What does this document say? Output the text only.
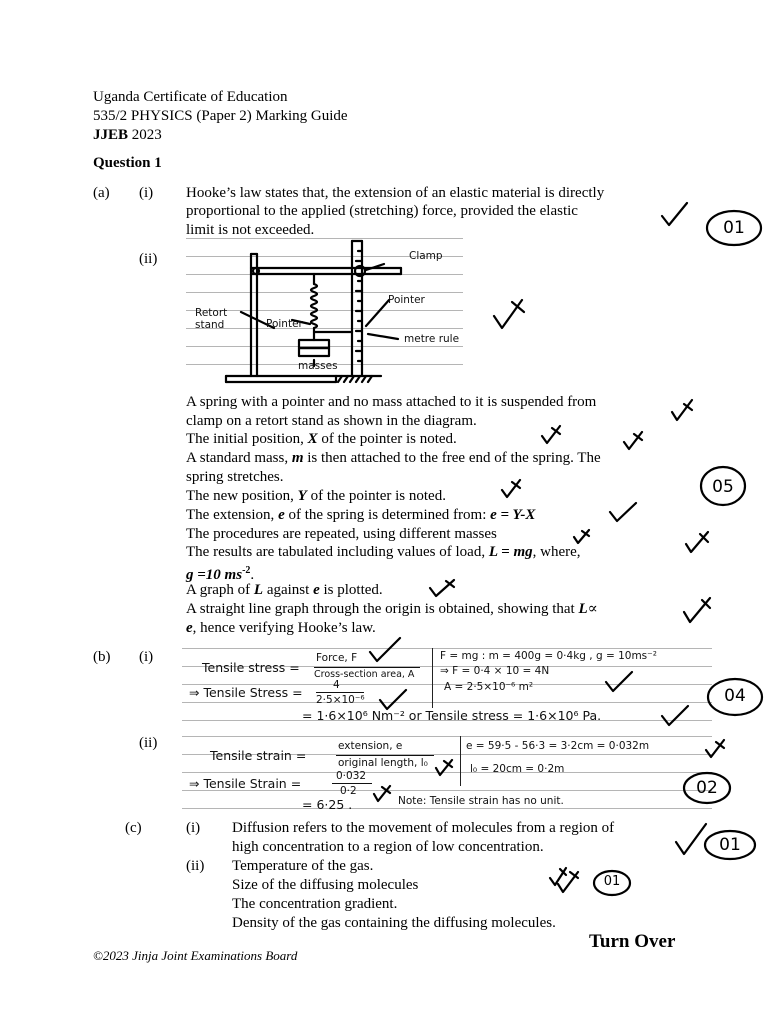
Uganda Certificate of Education
535/2 PHYSICS (Paper 2) Marking Guide
JJEB 2023
Question 1
(a) (i) Hooke’s law states that, the extension of an elastic material is directly
proportional to the applied (stretching) force, provided the elastic
limit is not exceeded.	01
(ii)	Clamp
Pointer
Retort
stand	Pointer
metre rule
masses
A spring with a pointer and no mass attached to it is suspended from
clamp on a retort stand as shown in the diagram.
The initial position, X of the pointer is noted.
A standard mass, m is then attached to the free end of the spring. The
spring stretches.
The new position, Y of the pointer is noted.
The extension, e of the spring is determined from: e = Y-X
The procedures are repeated, using different masses
The results are tabulated including values of load, L = mg, where,
g =10 $ms^{-2}$.
A graph of L against e is plotted.
A straight line graph through the origin is obtained, showing that L∝
e, hence verifying Hooke’s law.
05
(b) (i)
Tensile stress =
Force, F
Cross-section area, A
⇒ Tensile Stress =	4
2·5×10⁻⁶
F = mg : m = 400g = 0·4kg , g = 10ms⁻²
⇒ F = 0·4 × 10 = 4N
A = 2·5×10⁻⁶ m²
= 1·6×10⁶ Nm⁻² or Tensile stress = 1·6×10⁶ Pa.
04
(ii)
Tensile strain =
extension, e
original length, l₀
⇒ Tensile Strain =	0·032
0·2
e = 59·5 - 56·3 = 3·2cm = 0·032m
l₀ = 20cm = 0·2m
= 6·25 .	Note: Tensile strain has no unit.
02
(c)	(i) Diffusion refers to the movement of molecules from a region of
high concentration to a region of low concentration.
(ii) Temperature of the gas.
Size of the diffusing molecules
The concentration gradient.
Density of the gas containing the diffusing molecules.
01
01
Turn Over
©2023 Jinja Joint Examinations Board
